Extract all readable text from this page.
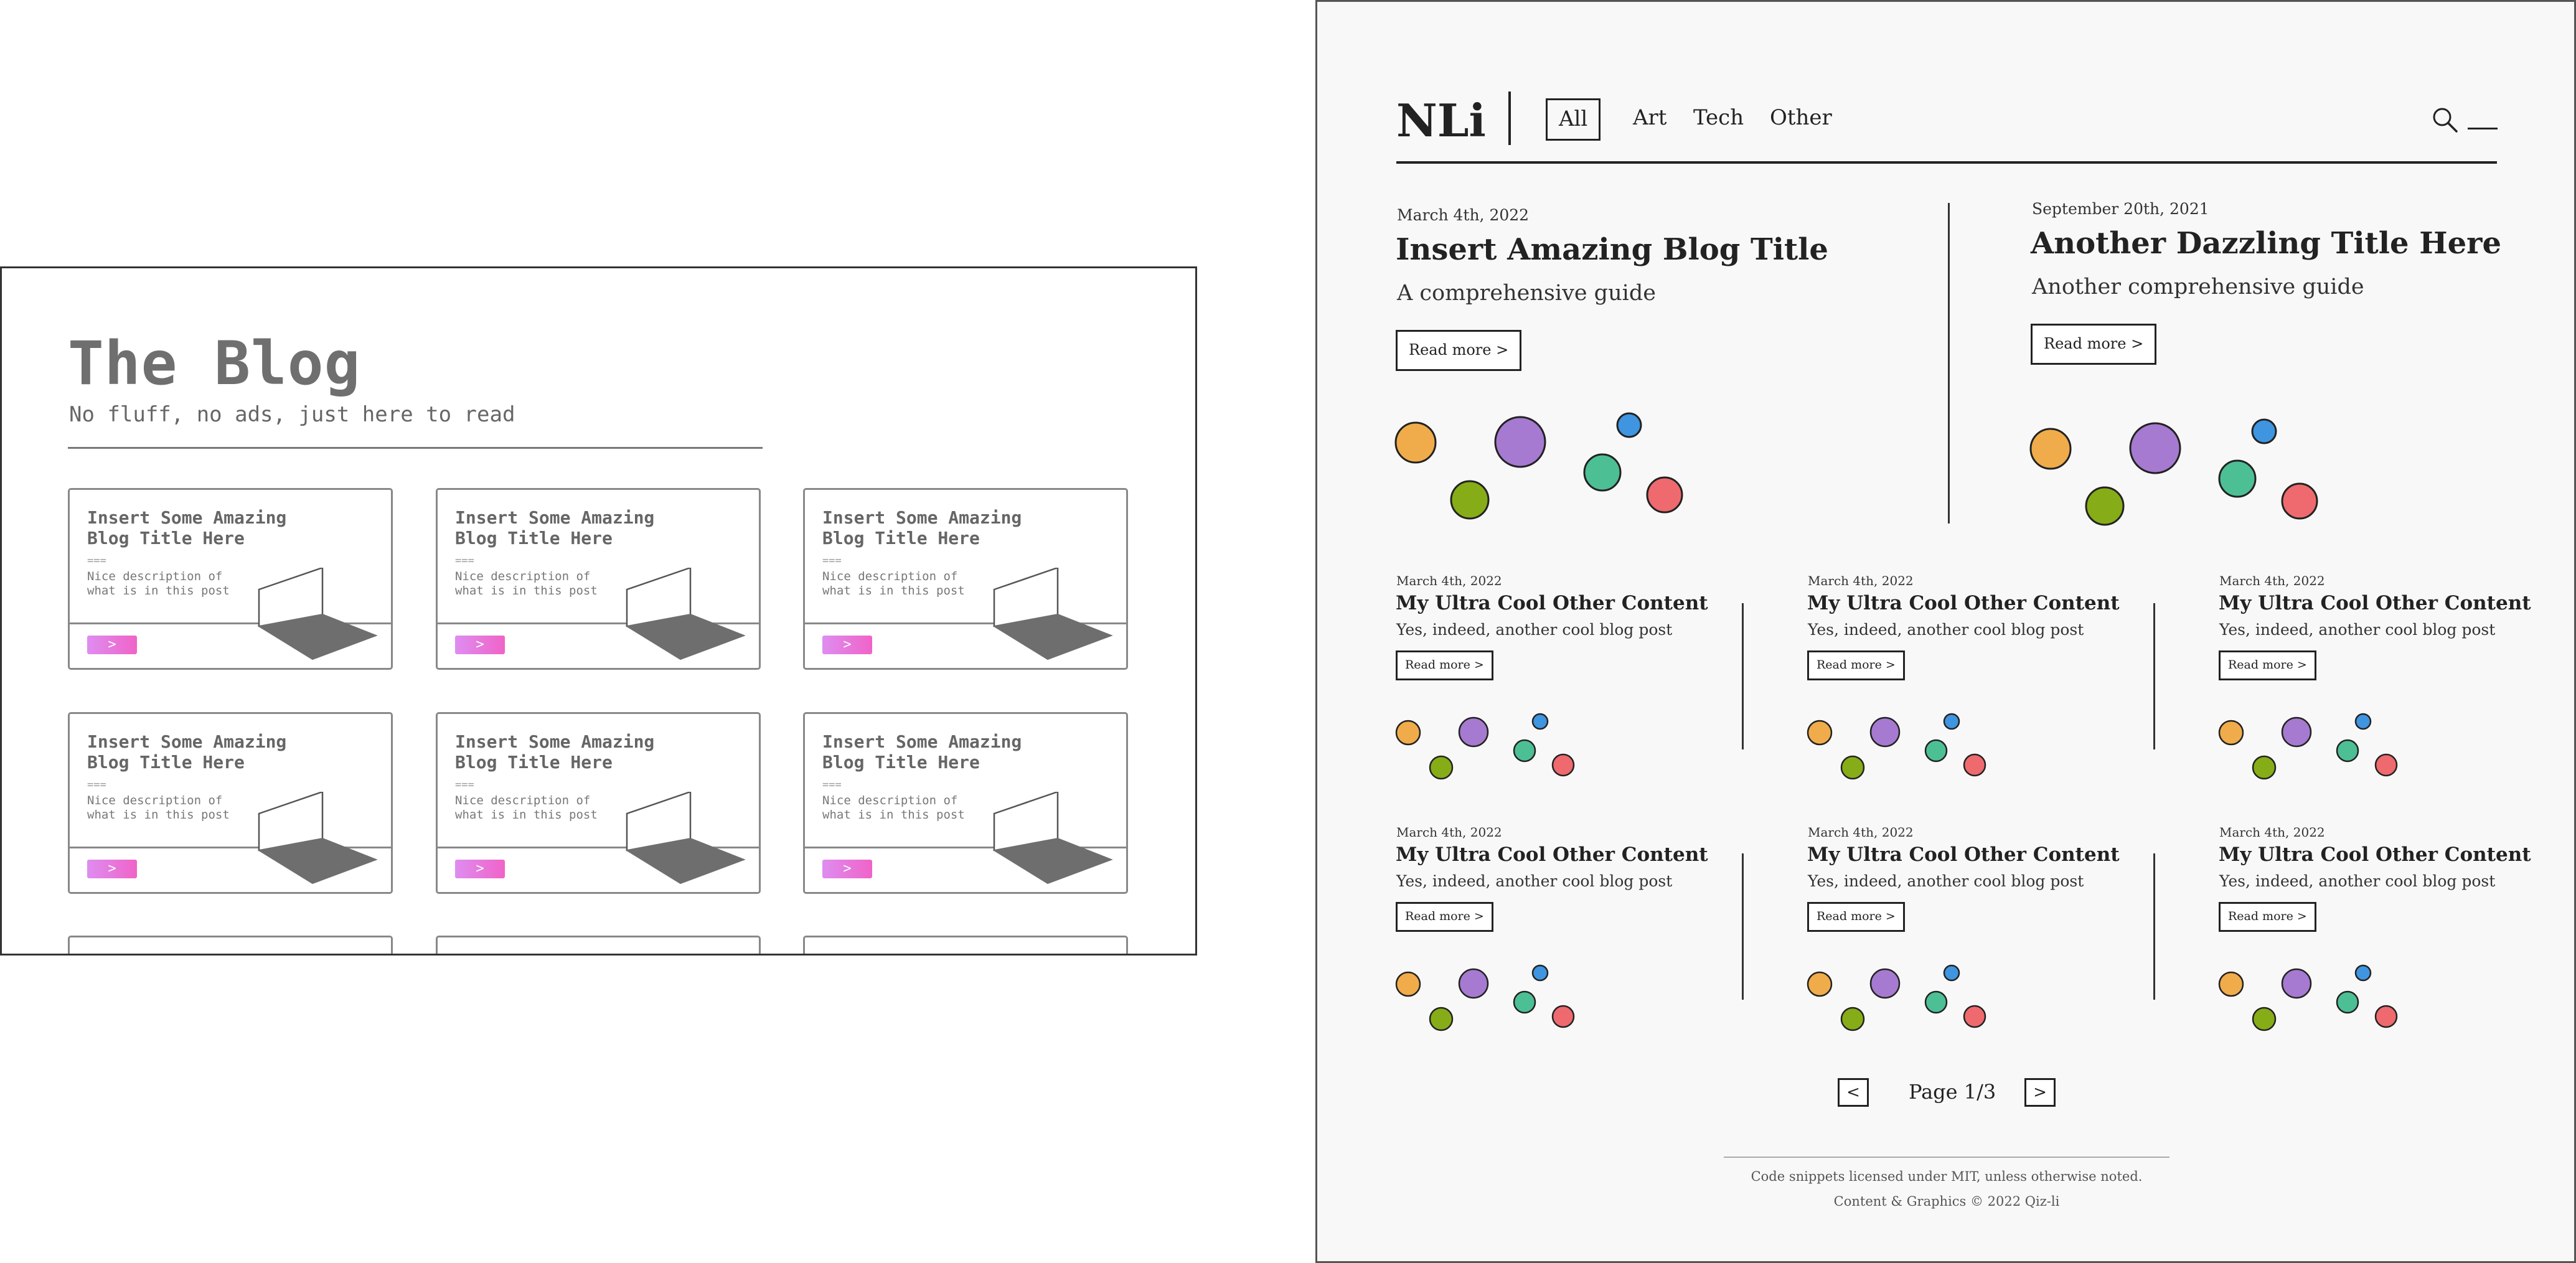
The Blog
No fluff, no ads, just here to read
Insert Some Amazing Blog Title Here
===
Nice description of what is in this post
>
Insert Some Amazing Blog Title Here
===
Nice description of what is in this post
>
Insert Some Amazing Blog Title Here
===
Nice description of what is in this post
>
Insert Some Amazing Blog Title Here
===
Nice description of what is in this post
>
Insert Some Amazing Blog Title Here
===
Nice description of what is in this post
>
Insert Some Amazing Blog Title Here
===
Nice description of what is in this post
>
NLi	All	Art Tech Other
March 4th, 2022
Insert Amazing Blog Title
A comprehensive guide
Read more >
September 20th, 2021
Another Dazzling Title Here
Another comprehensive guide
Read more >
March 4th, 2022
My Ultra Cool Other Content
Yes, indeed, another cool blog post
Read more >
March 4th, 2022
My Ultra Cool Other Content
Yes, indeed, another cool blog post
Read more >
March 4th, 2022
My Ultra Cool Other Content
Yes, indeed, another cool blog post
Read more >
March 4th, 2022
My Ultra Cool Other Content
Yes, indeed, another cool blog post
Read more >
March 4th, 2022
My Ultra Cool Other Content
Yes, indeed, another cool blog post
Read more >
March 4th, 2022
My Ultra Cool Other Content
Yes, indeed, another cool blog post
Read more >
<	Page 1/3	>
Code snippets licensed under MIT, unless otherwise noted.
Content & Graphics © 2022 Qiz-li
